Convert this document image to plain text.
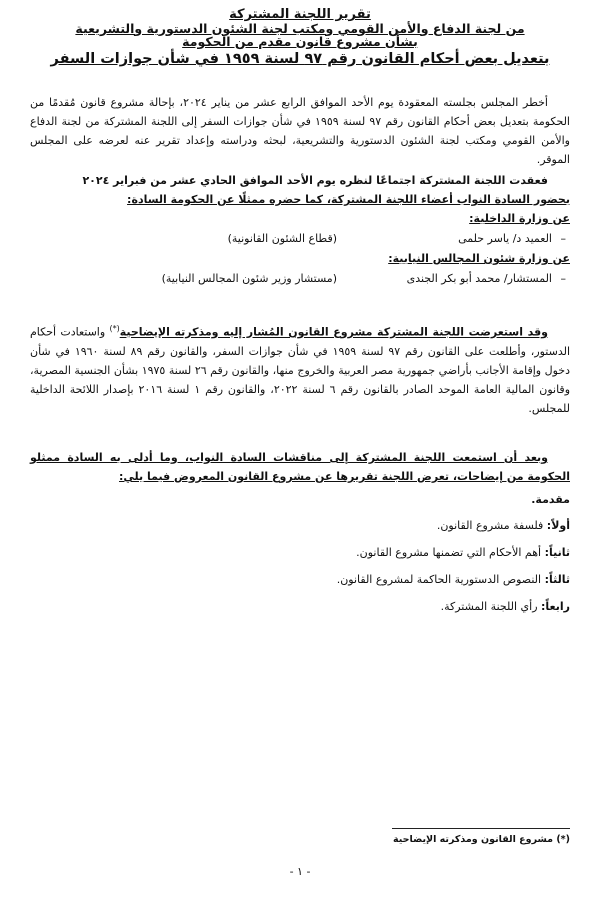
تقرير اللجنة المشتركة
من لجنة الدفاع والأمن القومي ومكتب لجنة الشئون الدستورية والتشريعية
بشأن مشروع قانون مقدم من الحكومة
بتعديل بعض أحكام القانون رقم ٩٧ لسنة ١٩٥٩ في شأن جوازات السفر

أخطر المجلس بجلسته المعقودة يوم الأحد الموافق الرابع عشر من يناير ٢٠٢٤، بإحالة مشروع قانون مُقدمًا من الحكومة بتعديل بعض أحكام القانون رقم ٩٧ لسنة ١٩٥٩ في شأن جوازات السفر إلى اللجنة المشتركة من لجنة الدفاع والأمن القومي ومكتب لجنة الشئون الدستورية والتشريعية، لبحثه ودراسته وإعداد تقرير عنه لعرضه على المجلس الموقر.

فعقدت اللجنة المشتركة اجتماعًا لنظره يوم الأحد الموافق الحادي عشر من فبراير ٢٠٢٤

بحضور السادة النواب أعضاء اللجنة المشتركة، كما حضره ممثلًا عن الحكومة السادة:

عن وزارة الداخلية:

–
العميد د/ ياسر حلمى
(قطاع الشئون القانونية)

عن وزارة شئون المجالس النيابية:

–
المستشار/ محمد أبو بكر الجندى
(مستشار وزير شئون المجالس النيابية)

وقد استعرضت اللجنة المشتركة مشروع القانون المُشار إليه ومذكرته الإيضاحية(*) واستعادت أحكام الدستور، وأطلعت على القانون رقم ٩٧ لسنة ١٩٥٩ في شأن جوازات السفر، والقانون رقم ٨٩ لسنة ١٩٦٠ في شأن دخول وإقامة الأجانب بأراضي جمهورية مصر العربية والخروج منها، والقانون رقم ٢٦ لسنة ١٩٧٥ بشأن الجنسية المصرية، وقانون المالية العامة الموحد الصادر بالقانون رقم ٦ لسنة ٢٠٢٢، والقانون رقم ١ لسنة ٢٠١٦ بإصدار اللائحة الداخلية للمجلس.

وبعد أن استمعت اللجنة المشتركة إلى مناقشات السادة النواب، وما أدلى به السادة ممثلو الحكومة من إيضاحات، تعرض اللجنة تقريرها عن مشروع القانون المعروض فيما يلي:

مقدمة.

أولاً: فلسفة مشروع القانون.

ثانياً: أهم الأحكام التي تضمنها مشروع القانون.

ثالثاً: النصوص الدستورية الحاكمة لمشروع القانون.

رابعاً: رأي اللجنة المشتركة.

(*) مشروع القانون ومذكرته الإيضاحية

- ١ -
